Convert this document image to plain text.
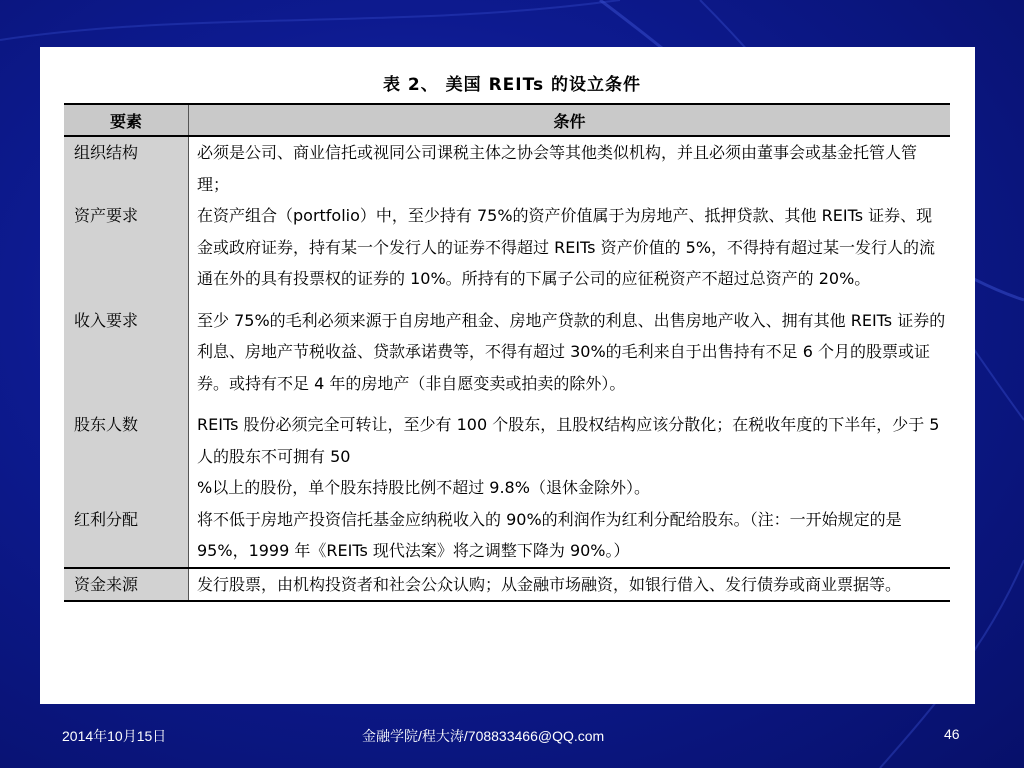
表 2、 美国 REITs 的设立条件
要素	条件
组织结构	必须是公司、商业信托或视同公司课税主体之协会等其他类似机构，并且必须由董事会或基金托管人管理；
资产要求	在资产组合（portfolio）中，至少持有 75%的资产价值属于为房地产、抵押贷款、其他 REITs 证券、现金或政府证券，持有某一个发行人的证券不得超过 REITs 资产价值的 5%，不得持有超过某一发行人的流通在外的具有投票权的证券的 10%。所持有的下属子公司的应征税资产不超过总资产的 20%。

收入要求	至少 75%的毛利必须来源于自房地产租金、房地产贷款的利息、出售房地产收入、拥有其他 REITs 证券的利息、房地产节税收益、贷款承诺费等，不得有超过 30%的毛利来自于出售持有不足 6 个月的股票或证券。或持有不足 4 年的房地产（非自愿变卖或拍卖的除外）。

股东人数	REITs 股份必须完全可转让，至少有 100 个股东，且股权结构应该分散化；在税收年度的下半年，少于 5 人的股东不可拥有 50
%以上的股份，单个股东持股比例不超过 9.8%（退休金除外）。
红利分配	将不低于房地产投资信托基金应纳税收入的 90%的利润作为红利分配给股东。（注：一开始规定的是 95%，1999 年《REITs 现代法案》将之调整下降为 90%。）
资金来源	发行股票，由机构投资者和社会公众认购；从金融市场融资，如银行借入、发行债券或商业票据等。
2014年10月15日	金融学院/程大涛/708833466@QQ.com	46
